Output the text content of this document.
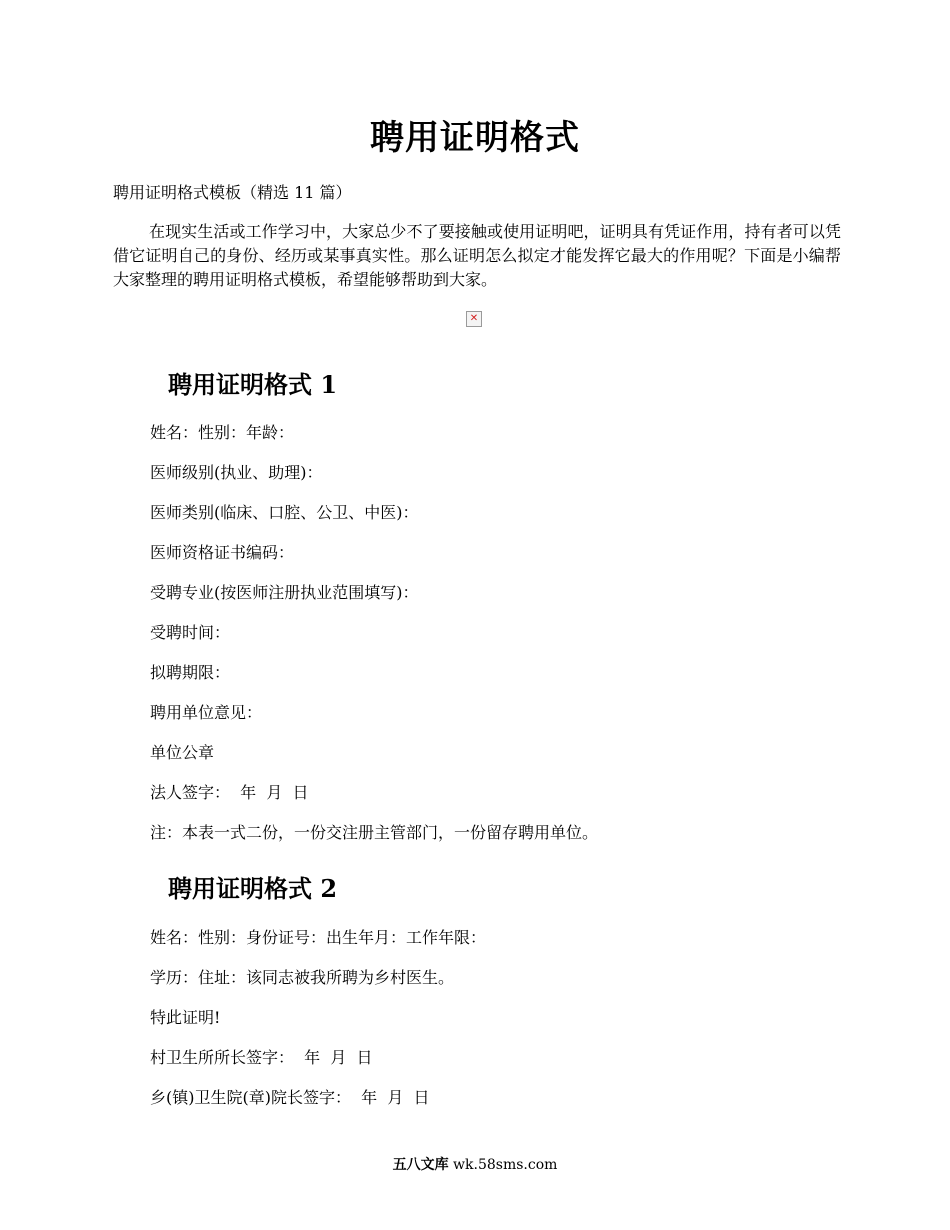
聘用证明格式

聘用证明格式模板（精选 11 篇）

在现实生活或工作学习中，大家总少不了要接触或使用证明吧，证明具有凭证作用，持有者可以凭借它证明自己的身份、经历或某事真实性。那么证明怎么拟定才能发挥它最大的作用呢？下面是小编帮大家整理的聘用证明格式模板，希望能够帮助到大家。

✕
聘用证明格式 1
姓名：性别：年龄：
医师级别(执业、助理)：
医师类别(临床、口腔、公卫、中医)：
医师资格证书编码：
受聘专业(按医师注册执业范围填写)：
受聘时间：
拟聘期限：
聘用单位意见：
单位公章
法人签字：  年  月  日
注：本表一式二份，一份交注册主管部门，一份留存聘用单位。
聘用证明格式 2
姓名：性别：身份证号：出生年月：工作年限：
学历：住址：该同志被我所聘为乡村医生。
特此证明!
村卫生所所长签字：  年  月  日
乡(镇)卫生院(章)院长签字：  年  月  日

五八文库 wk.58sms.com
